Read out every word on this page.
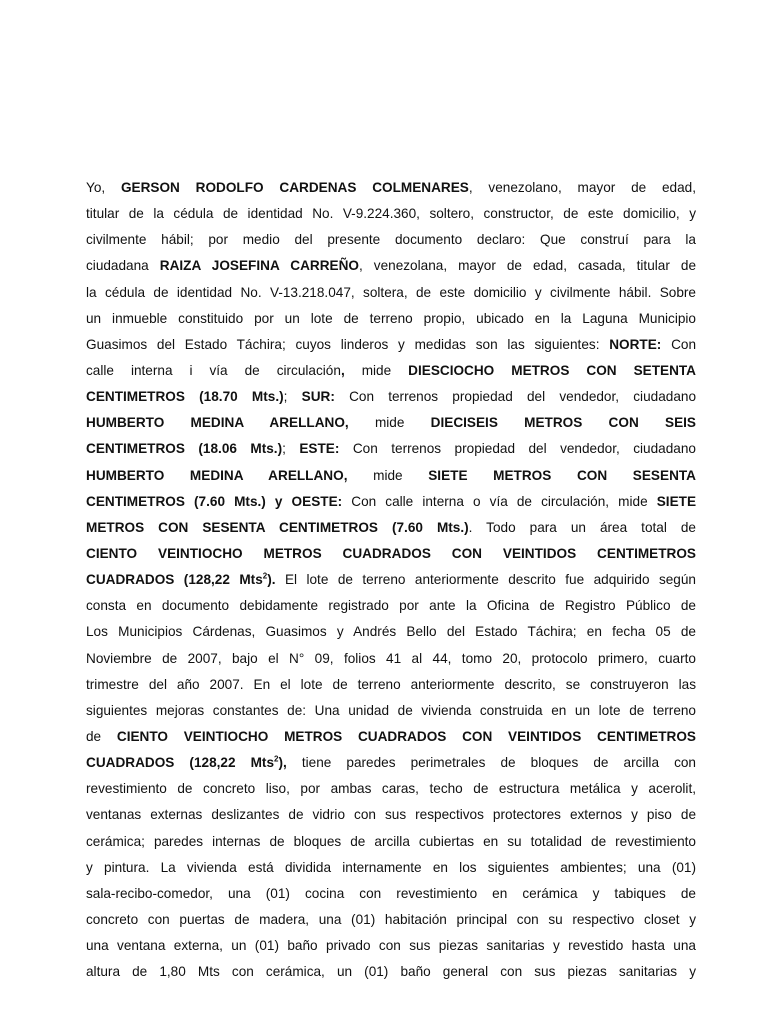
Yo, GERSON RODOLFO CARDENAS COLMENARES, venezolano, mayor de edad,
titular de la cédula de identidad No. V-9.224.360, soltero, constructor, de este domicilio, y
civilmente hábil; por medio del presente documento declaro: Que construí para la
ciudadana RAIZA JOSEFINA CARREÑO, venezolana, mayor de edad, casada, titular de
la cédula de identidad No. V-13.218.047, soltera, de este domicilio y civilmente hábil. Sobre
un inmueble constituido por un lote de terreno propio, ubicado en la Laguna Municipio
Guasimos del Estado Táchira; cuyos linderos y medidas son las siguientes: NORTE: Con
calle interna i vía de circulación, mide DIESCIOCHO METROS CON SETENTA
CENTIMETROS (18.70 Mts.); SUR: Con terrenos propiedad del vendedor, ciudadano
HUMBERTO MEDINA ARELLANO, mide DIECISEIS METROS CON SEIS
CENTIMETROS (18.06 Mts.); ESTE: Con terrenos propiedad del vendedor, ciudadano
HUMBERTO MEDINA ARELLANO, mide SIETE METROS CON SESENTA
CENTIMETROS (7.60 Mts.) y OESTE: Con calle interna o vía de circulación, mide SIETE
METROS CON SESENTA CENTIMETROS (7.60 Mts.). Todo para un área total de
CIENTO VEINTIOCHO METROS CUADRADOS CON VEINTIDOS CENTIMETROS
CUADRADOS (128,22 Mts$^2$). El lote de terreno anteriormente descrito fue adquirido según
consta en documento debidamente registrado por ante la Oficina de Registro Público de
Los Municipios Cárdenas, Guasimos y Andrés Bello del Estado Táchira; en fecha 05 de
Noviembre de 2007, bajo el N° 09, folios 41 al 44, tomo 20, protocolo primero, cuarto
trimestre del año 2007. En el lote de terreno anteriormente descrito, se construyeron las
siguientes mejoras constantes de: Una unidad de vivienda construida en un lote de terreno
de CIENTO VEINTIOCHO METROS CUADRADOS CON VEINTIDOS CENTIMETROS
CUADRADOS (128,22 Mts$^2$), tiene paredes perimetrales de bloques de arcilla con
revestimiento de concreto liso, por ambas caras, techo de estructura metálica y acerolit,
ventanas externas deslizantes de vidrio con sus respectivos protectores externos y piso de
cerámica; paredes internas de bloques de arcilla cubiertas en su totalidad de revestimiento
y pintura. La vivienda está dividida internamente en los siguientes ambientes; una (01)
sala-recibo-comedor, una (01) cocina con revestimiento en cerámica y tabiques de
concreto con puertas de madera, una (01) habitación principal con su respectivo closet y
una ventana externa, un (01) baño privado con sus piezas sanitarias y revestido hasta una
altura de 1,80 Mts con cerámica, un (01) baño general con sus piezas sanitarias y
